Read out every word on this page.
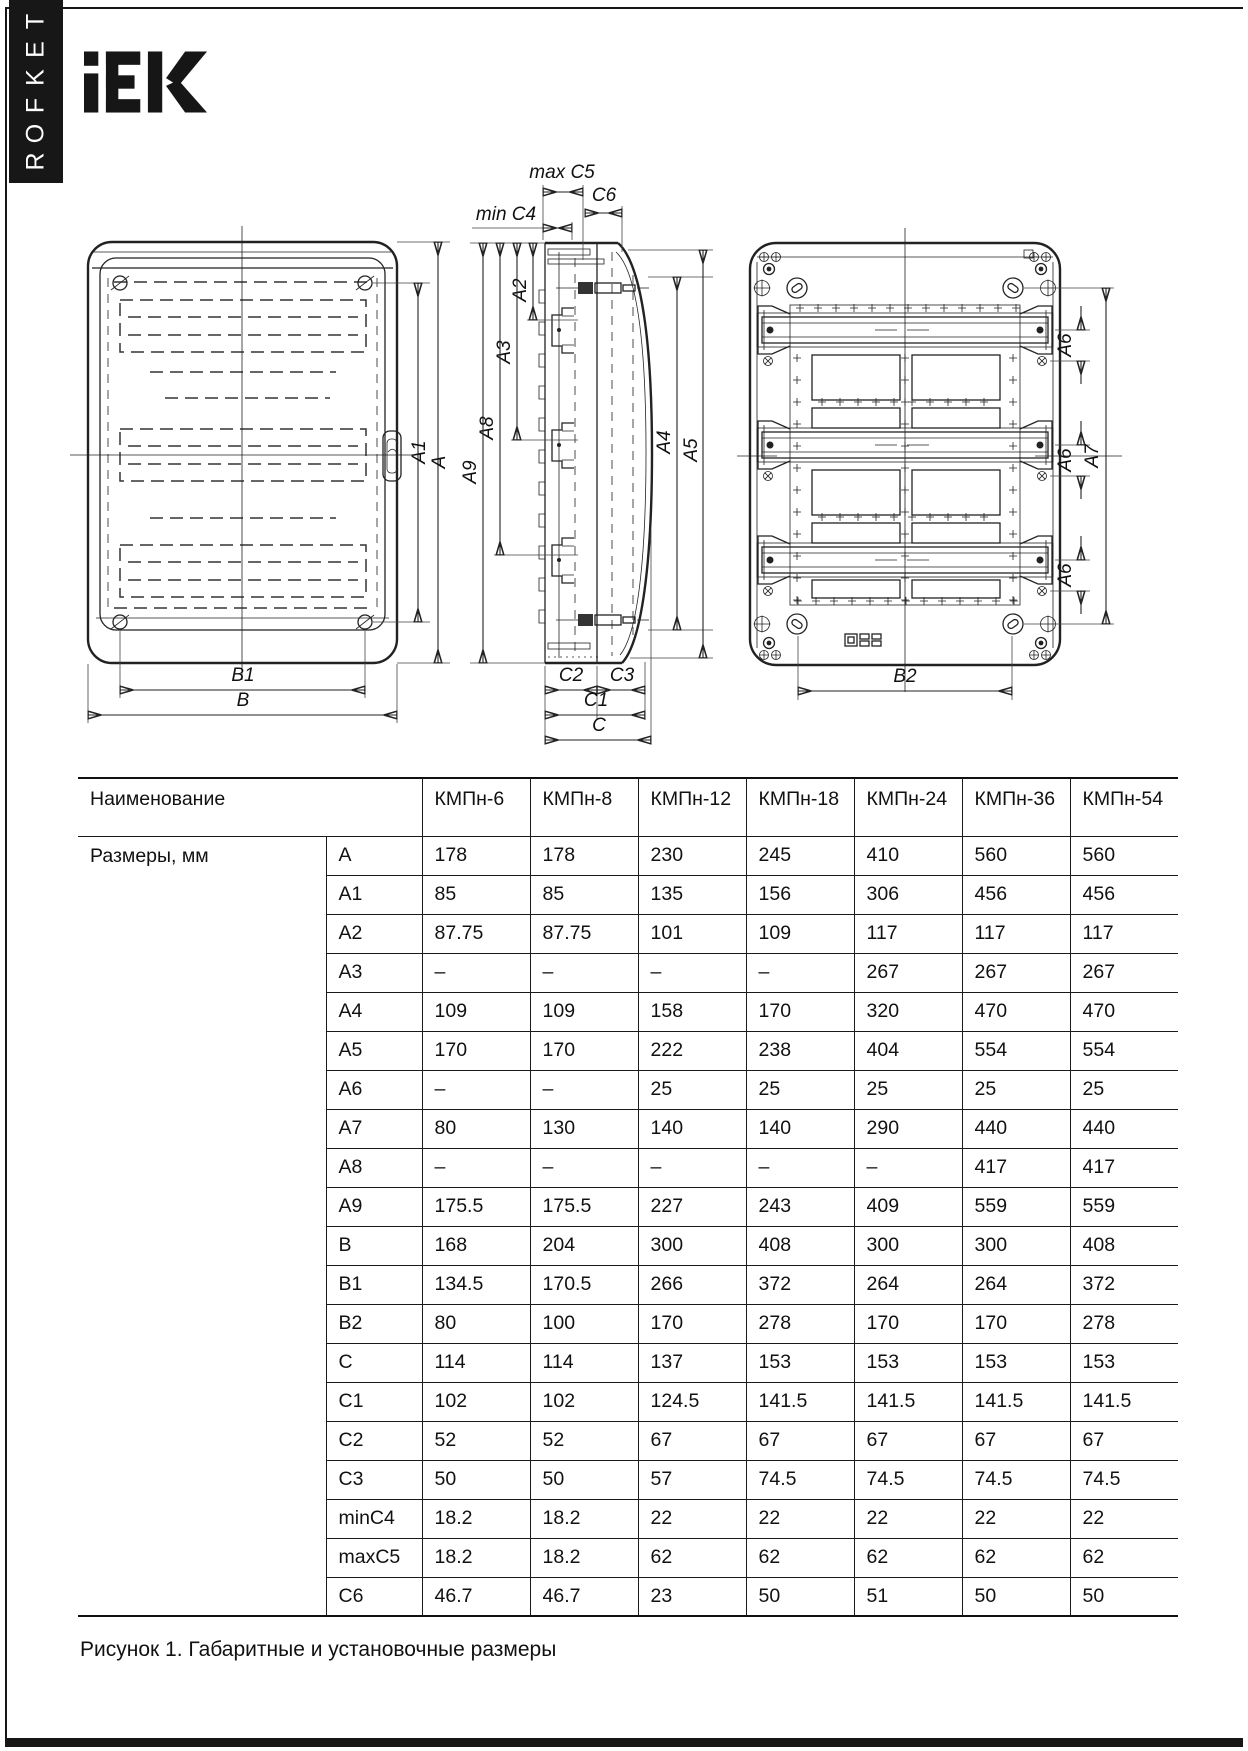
T
E
K
F
O
R
A1 A
B1
B
A2
A3
A8
A9
A4 A5
max C5
C6
min C4
C2 C3
C1
C
A6
A6
A6
A7
B2
Наименование		КМПн-6	КМПн-8	КМПн-12	КМПн-18	КМПн-24	КМПн-36	КМПн-54
Размеры, мм	A	178	178	230	245	410	560	560
	A1	85	85	135	156	306	456	456
	A2	87.75	87.75	101	109	117	117	117
	A3	–	–	–	–	267	267	267
	A4	109	109	158	170	320	470	470
	A5	170	170	222	238	404	554	554
	A6	–	–	25	25	25	25	25
	A7	80	130	140	140	290	440	440
	A8	–	–	–	–	–	417	417
	A9	175.5	175.5	227	243	409	559	559
	B	168	204	300	408	300	300	408
	B1	134.5	170.5	266	372	264	264	372
	B2	80	100	170	278	170	170	278
	C	114	114	137	153	153	153	153
	C1	102	102	124.5	141.5	141.5	141.5	141.5
	C2	52	52	67	67	67	67	67
	C3	50	50	57	74.5	74.5	74.5	74.5
	minC4	18.2	18.2	22	22	22	22	22
	maxC5	18.2	18.2	62	62	62	62	62
	C6	46.7	46.7	23	50	51	50	50
Рисунок 1. Габаритные и установочные размеры
